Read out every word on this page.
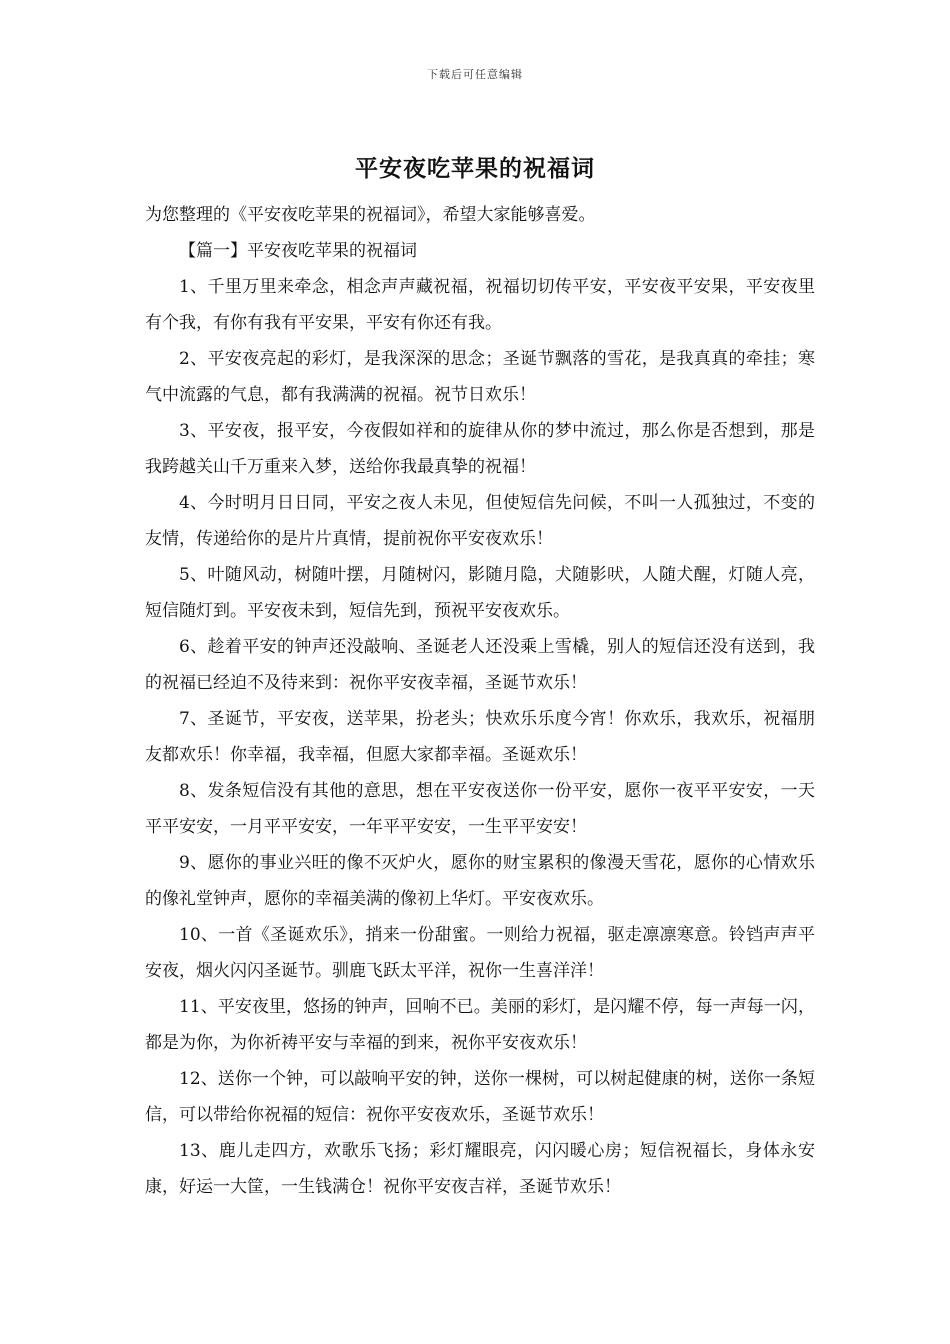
下载后可任意编辑
平安夜吃苹果的祝福词

为您整理的《平安夜吃苹果的祝福词》，希望大家能够喜爱。

【篇一】平安夜吃苹果的祝福词

1、千里万里来牵念，相念声声藏祝福，祝福切切传平安，平安夜平安果，平安夜里有个我，有你有我有平安果，平安有你还有我。

2、平安夜亮起的彩灯，是我深深的思念；圣诞节飘落的雪花，是我真真的牵挂；寒气中流露的气息，都有我满满的祝福。祝节日欢乐！

3、平安夜，报平安，今夜假如祥和的旋律从你的梦中流过，那么你是否想到，那是我跨越关山千万重来入梦，送给你我最真挚的祝福！

4、今时明月日日同，平安之夜人未见，但使短信先问候，不叫一人孤独过，不变的友情，传递给你的是片片真情，提前祝你平安夜欢乐！

5、叶随风动，树随叶摆，月随树闪，影随月隐，犬随影吠，人随犬醒，灯随人亮，短信随灯到。平安夜未到，短信先到，预祝平安夜欢乐。

6、趁着平安的钟声还没敲响、圣诞老人还没乘上雪橇，别人的短信还没有送到，我的祝福已经迫不及待来到：祝你平安夜幸福，圣诞节欢乐！

7、圣诞节，平安夜，送苹果，扮老头；快欢乐乐度今宵！你欢乐，我欢乐，祝福朋友都欢乐！你幸福，我幸福，但愿大家都幸福。圣诞欢乐！

8、发条短信没有其他的意思，想在平安夜送你一份平安，愿你一夜平平安安，一天平平安安，一月平平安安，一年平平安安，一生平平安安！

9、愿你的事业兴旺的像不灭炉火，愿你的财宝累积的像漫天雪花，愿你的心情欢乐的像礼堂钟声，愿你的幸福美满的像初上华灯。平安夜欢乐。

10、一首《圣诞欢乐》，捎来一份甜蜜。一则给力祝福，驱走凛凛寒意。铃铛声声平安夜，烟火闪闪圣诞节。驯鹿飞跃太平洋，祝你一生喜洋洋！

11、平安夜里，悠扬的钟声，回响不已。美丽的彩灯，是闪耀不停，每一声每一闪，都是为你，为你祈祷平安与幸福的到来，祝你平安夜欢乐！

12、送你一个钟，可以敲响平安的钟，送你一棵树，可以树起健康的树，送你一条短信，可以带给你祝福的短信：祝你平安夜欢乐，圣诞节欢乐！

13、鹿儿走四方，欢歌乐飞扬；彩灯耀眼亮，闪闪暖心房；短信祝福长，身体永安康，好运一大筐，一生钱满仓！祝你平安夜吉祥，圣诞节欢乐！
